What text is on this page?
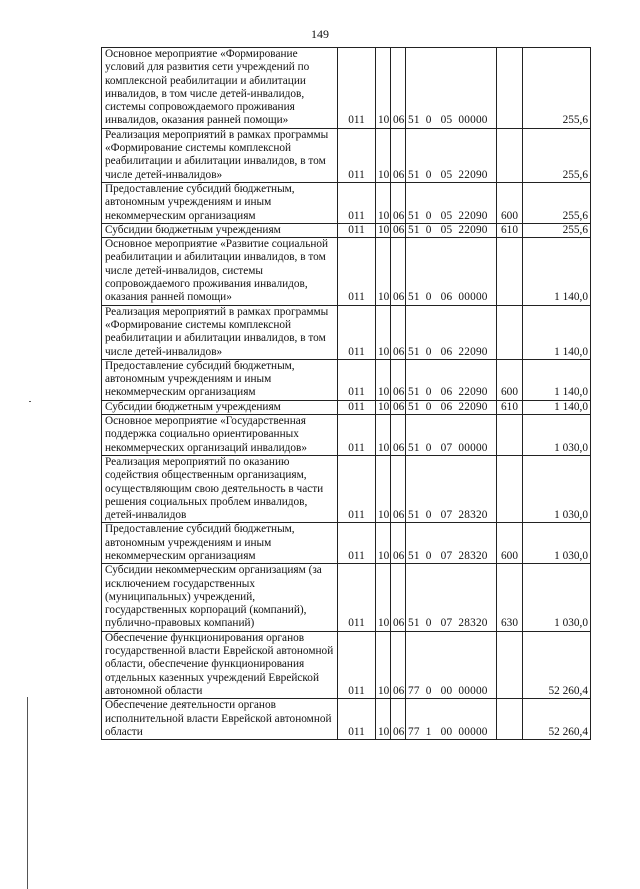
149
Основное мероприятие «Формирование условий для развития сети учреждений по комплексной реабилитации и абилитации инвалидов, в том числе детей-инвалидов, системы сопровождаемого проживания инвалидов, оказания ранней помощи»	011	10	06	51  0   05  00000		255,6
Реализация мероприятий в рамках программы «Формирование системы комплексной реабилитации и абилитации инвалидов, в том числе детей-инвалидов»	011	10	06	51  0   05  22090		255,6
Предоставление субсидий бюджетным, автономным учреждениям и иным некоммерческим организациям	011	10	06	51  0   05  22090	600	255,6
Субсидии бюджетным учреждениям	011	10	06	51  0   05  22090	610	255,6
Основное мероприятие «Развитие социальной реабилитации и абилитации инвалидов, в том числе детей-инвалидов, системы сопровождаемого проживания инвалидов, оказания ранней помощи»	011	10	06	51  0   06  00000		1 140,0
Реализация мероприятий в рамках программы «Формирование системы комплексной реабилитации и абилитации инвалидов, в том числе детей-инвалидов»	011	10	06	51  0   06  22090		1 140,0
Предоставление субсидий бюджетным, автономным учреждениям и иным некоммерческим организациям	011	10	06	51  0   06  22090	600	1 140,0
Субсидии бюджетным учреждениям	011	10	06	51  0   06  22090	610	1 140,0
Основное мероприятие «Государственная поддержка социально ориентированных некоммерческих организаций инвалидов»	011	10	06	51  0   07  00000		1 030,0
Реализация мероприятий по оказанию содействия общественным организациям, осуществляющим свою деятельность в части решения социальных проблем инвалидов, детей-инвалидов	011	10	06	51  0   07  28320		1 030,0
Предоставление субсидий бюджетным, автономным учреждениям и иным некоммерческим организациям	011	10	06	51  0   07  28320	600	1 030,0
Субсидии некоммерческим организациям (за исключением государственных (муниципальных) учреждений, государственных корпораций (компаний), публично-правовых компаний)	011	10	06	51  0   07  28320	630	1 030,0
Обеспечение функционирования органов государственной власти Еврейской автономной области, обеспечение функционирования отдельных казенных учреждений Еврейской автономной области	011	10	06	77  0   00  00000		52 260,4
Обеспечение деятельности органов исполнительной власти Еврейской автономной области	011	10	06	77  1   00  00000		52 260,4
